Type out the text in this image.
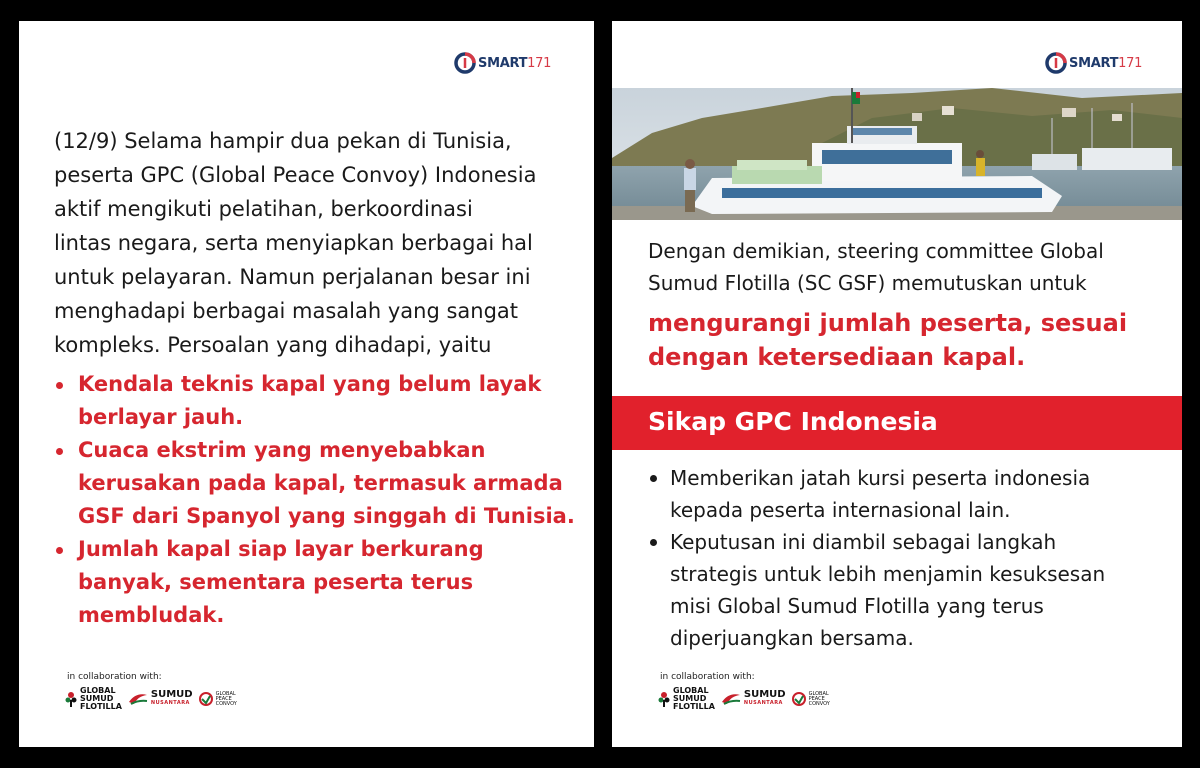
SMART171
(12/9) Selama hampir dua pekan di Tunisia,
peserta GPC (Global Peace Convoy) Indonesia
aktif mengikuti pelatihan, berkoordinasi
lintas negara, serta menyiapkan berbagai hal
untuk pelayaran. Namun perjalanan besar ini
menghadapi berbagai masalah yang sangat
kompleks. Persoalan yang dihadapi, yaitu
Kendala teknis kapal yang belum layak
berlayar jauh.
Cuaca ekstrim yang menyebabkan
kerusakan pada kapal, termasuk armada
GSF dari Spanyol yang singgah di Tunisia.
Jumlah kapal siap layar berkurang
banyak, sementara peserta terus
membludak.
in collaboration with:
GLOBAL
SUMUD
FLOTILLA
SUMUD
NUSANTARA
GLOBAL
PEACE
CONVOY
SMART171
Dengan demikian, steering committee Global
Sumud Flotilla (SC GSF) memutuskan untuk
mengurangi jumlah peserta, sesuai
dengan ketersediaan kapal.
Sikap GPC Indonesia
Memberikan jatah kursi peserta indonesia
kepada peserta internasional lain.
Keputusan ini diambil sebagai langkah
strategis untuk lebih menjamin kesuksesan
misi Global Sumud Flotilla yang terus
diperjuangkan bersama.
in collaboration with:
GLOBAL
SUMUD
FLOTILLA
SUMUD
NUSANTARA
GLOBAL
PEACE
CONVOY
